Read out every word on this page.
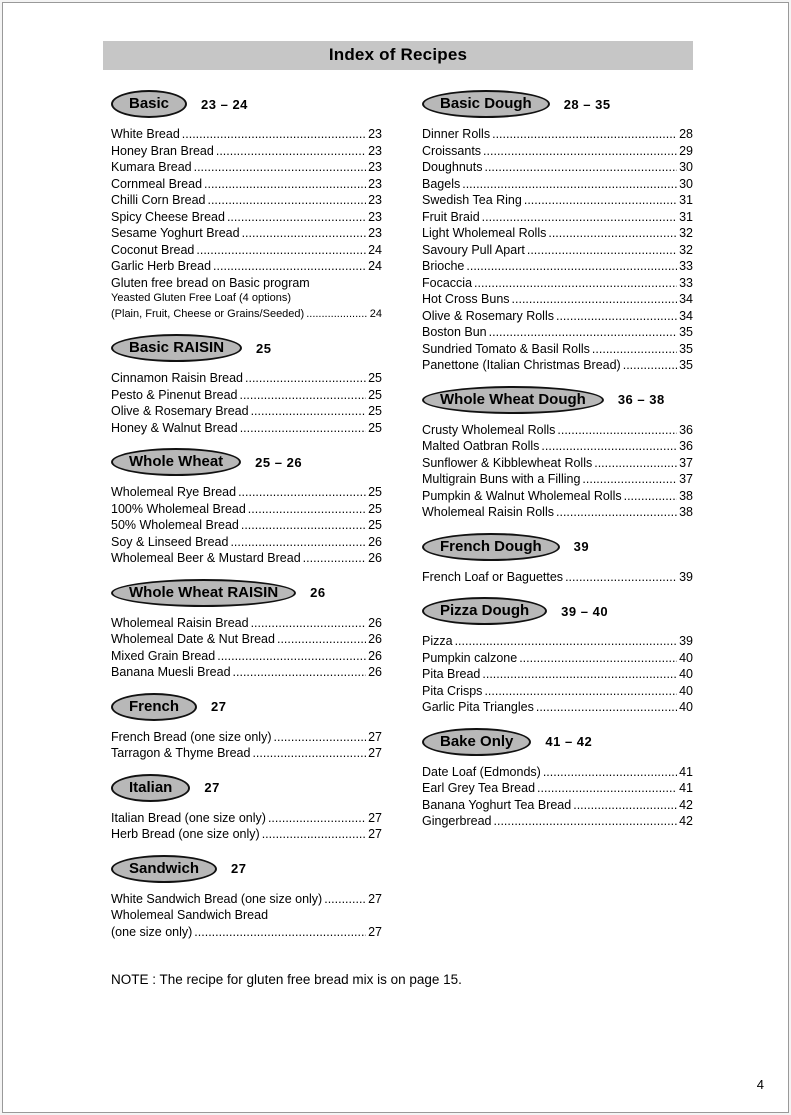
Index of Recipes
Basic	23 – 24
White Bread .....	23
Honey Bran Bread .....	23
Kumara Bread .....	23
Cornmeal Bread .....	23
Chilli Corn Bread .....	23
Spicy Cheese Bread .....	23
Sesame Yoghurt Bread .....	23
Coconut Bread .....	24
Garlic Herb Bread .....	24
Gluten free bread on Basic program
Yeasted Gluten Free Loaf (4 options)
(Plain, Fruit, Cheese or Grains/Seeded) .....	24
Basic RAISIN	25
Cinnamon Raisin Bread .....	25
Pesto & Pinenut Bread .....	25
Olive & Rosemary Bread .....	25
Honey & Walnut Bread .....	25
Whole Wheat	25 – 26
Wholemeal Rye Bread .....	25
100% Wholemeal Bread .....	25
50% Wholemeal Bread .....	25
Soy & Linseed Bread .....	26
Wholemeal Beer & Mustard Bread .....	26
Whole Wheat RAISIN	26
Wholemeal Raisin Bread .....	26
Wholemeal Date & Nut Bread .....	26
Mixed Grain Bread .....	26
Banana Muesli Bread .....	26
French	27
French Bread (one size only) .....	27
Tarragon & Thyme Bread .....	27
Italian	27
Italian Bread (one size only) .....	27
Herb Bread (one size only) .....	27
Sandwich	27
White Sandwich Bread (one size only) .....	27
Wholemeal Sandwich Bread
(one size only) .....	27
Basic Dough	28 – 35
Dinner Rolls .....	28
Croissants .....	29
Doughnuts .....	30
Bagels .....	30
Swedish Tea Ring .....	31
Fruit Braid .....	31
Light Wholemeal Rolls .....	32
Savoury Pull Apart .....	32
Brioche .....	33
Focaccia .....	33
Hot Cross Buns .....	34
Olive & Rosemary Rolls .....	34
Boston Bun .....	35
Sundried Tomato & Basil Rolls .....	35
Panettone (Italian Christmas Bread) .....	35
Whole Wheat Dough	36 – 38
Crusty Wholemeal Rolls .....	36
Malted Oatbran Rolls .....	36
Sunflower & Kibblewheat Rolls .....	37
Multigrain Buns with a Filling .....	37
Pumpkin & Walnut Wholemeal Rolls .....	38
Wholemeal Raisin Rolls .....	38
French Dough	39
French Loaf or Baguettes .....	39
Pizza Dough	39 – 40
Pizza .....	39
Pumpkin calzone .....	40
Pita Bread .....	40
Pita Crisps .....	40
Garlic Pita Triangles .....	40
Bake Only	41 – 42
Date Loaf (Edmonds) .....	41
Earl Grey Tea Bread .....	41
Banana Yoghurt Tea Bread .....	42
Gingerbread .....	42
NOTE : The recipe for gluten free bread mix is on page 15.
4
